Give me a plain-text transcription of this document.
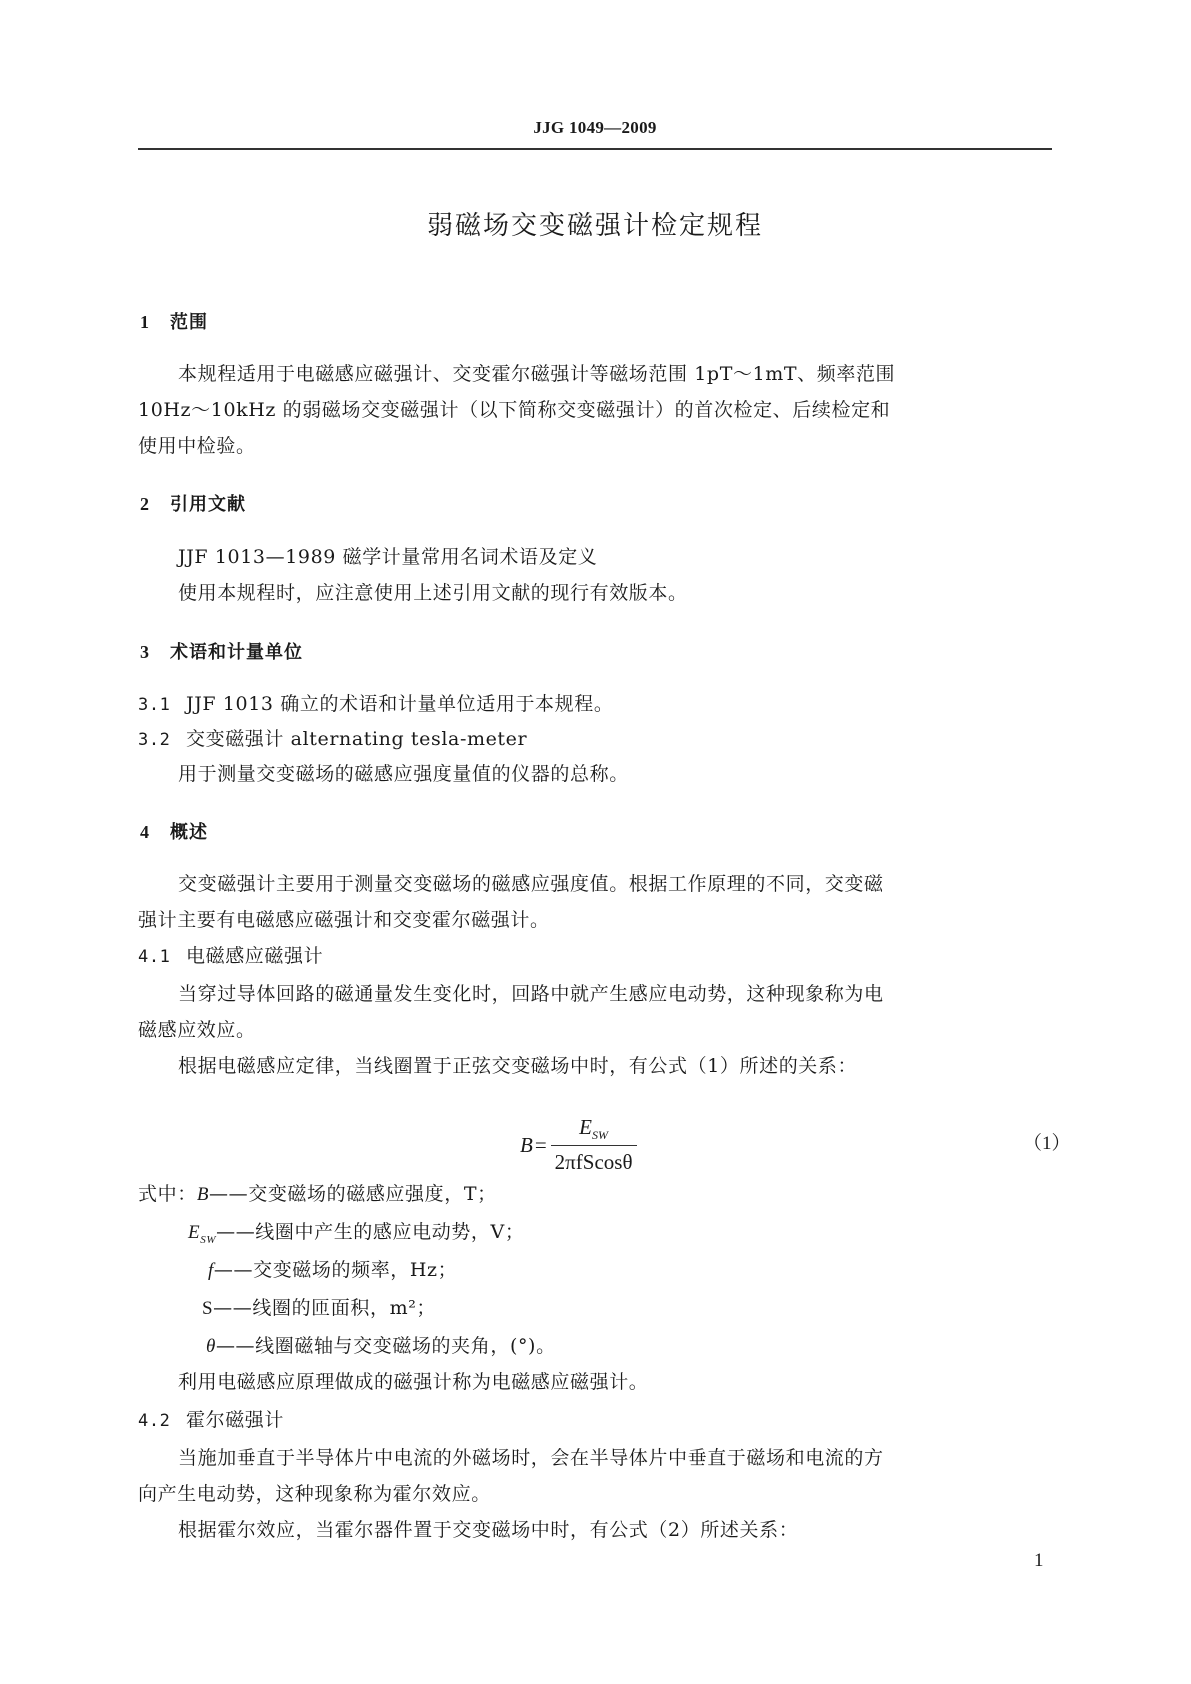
JJG 1049—2009
弱磁场交变磁强计检定规程
1 范围
本规程适用于电磁感应磁强计、交变霍尔磁强计等磁场范围 1pT～1mT、频率范围
10Hz～10kHz 的弱磁场交变磁强计（以下简称交变磁强计）的首次检定、后续检定和
使用中检验。
2 引用文献
JJF 1013—1989 磁学计量常用名词术语及定义
使用本规程时，应注意使用上述引用文献的现行有效版本。
3 术语和计量单位
3.1 JJF 1013 确立的术语和计量单位适用于本规程。
3.2 交变磁强计 alternating tesla-meter
用于测量交变磁场的磁感应强度量值的仪器的总称。
4 概述
交变磁强计主要用于测量交变磁场的磁感应强度值。根据工作原理的不同，交变磁
强计主要有电磁感应磁强计和交变霍尔磁强计。
4.1 电磁感应磁强计
当穿过导体回路的磁通量发生变化时，回路中就产生感应电动势，这种现象称为电
磁感应效应。
根据电磁感应定律，当线圈置于正弦交变磁场中时，有公式（1）所述的关系：
$B = \frac{E_{SW}}{\text{2πfScosθ}}$	（1）
式中：B——交变磁场的磁感应强度，T；
$E_{SW}——$线圈中产生的感应电动势，V；
f——交变磁场的频率，Hz；
S——线圈的匝面积，m²；
θ——线圈磁轴与交变磁场的夹角，(°)。
利用电磁感应原理做成的磁强计称为电磁感应磁强计。
4.2 霍尔磁强计
当施加垂直于半导体片中电流的外磁场时，会在半导体片中垂直于磁场和电流的方
向产生电动势，这种现象称为霍尔效应。
根据霍尔效应，当霍尔器件置于交变磁场中时，有公式（2）所述关系：
1
